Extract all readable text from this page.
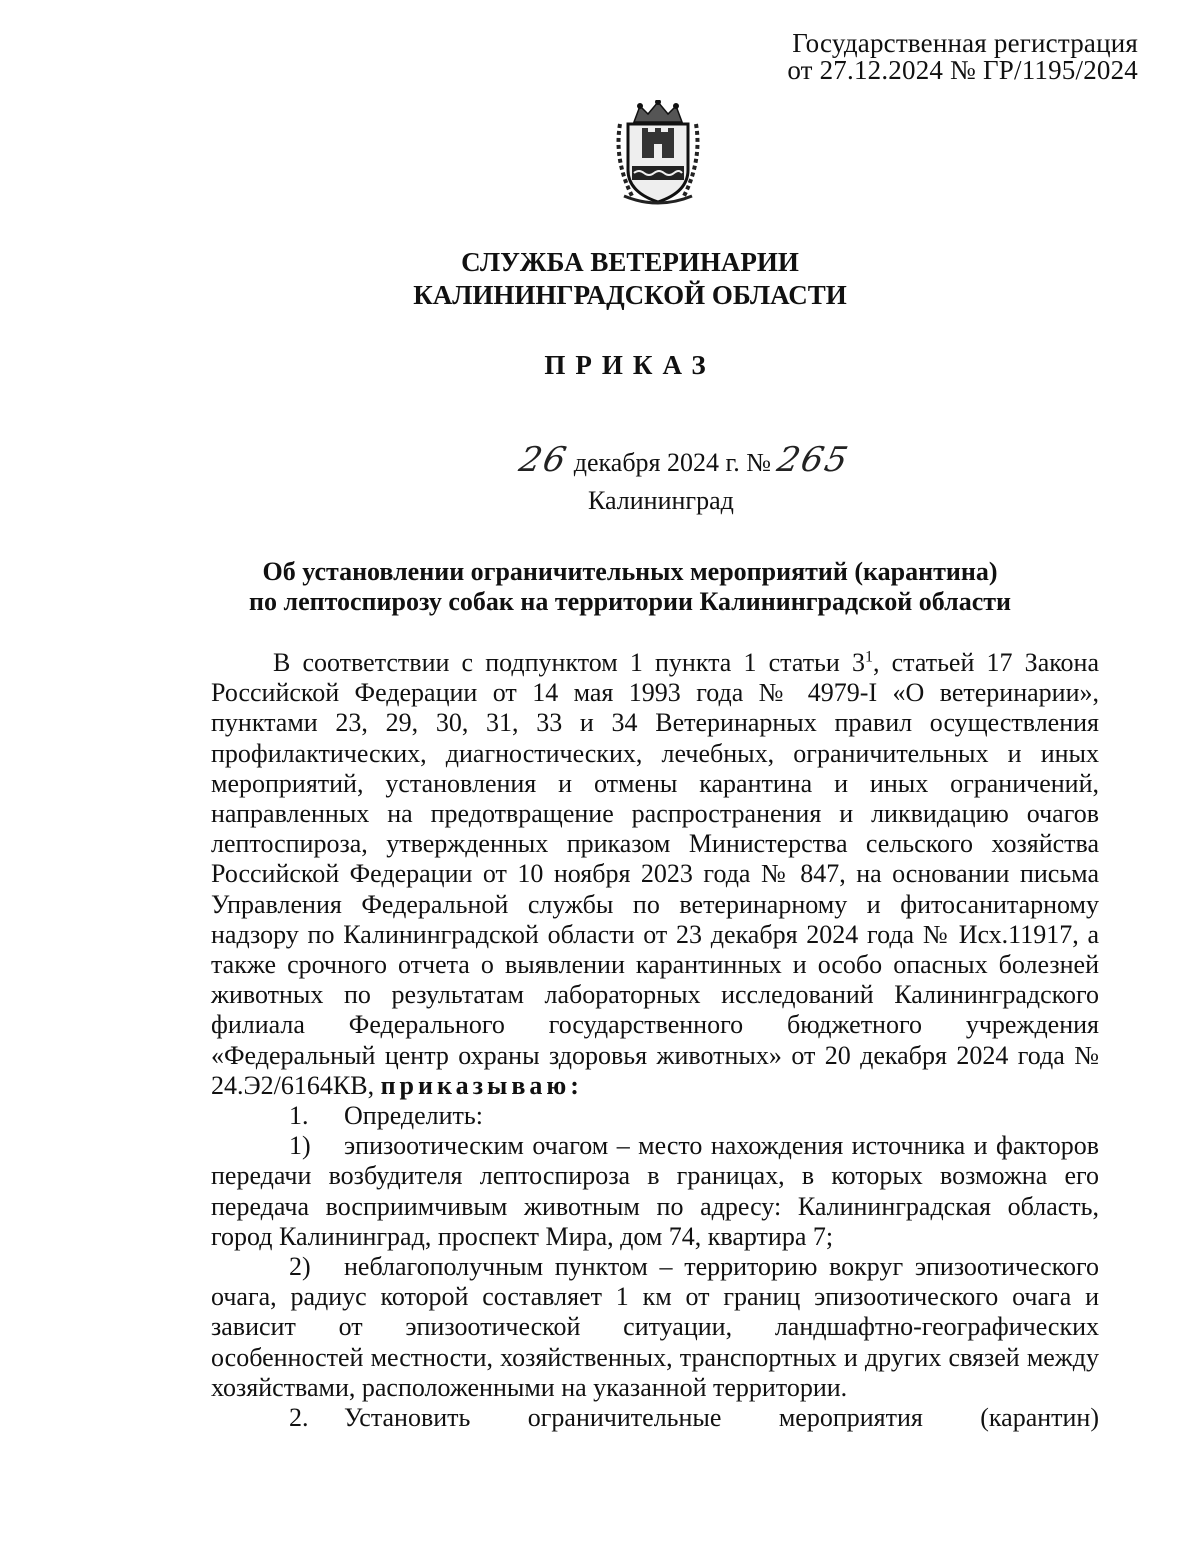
Государственная регистрация
от 27.12.2024 № ГР/1195/2024
СЛУЖБА ВЕТЕРИНАРИИ
КАЛИНИНГРАДСКОЙ ОБЛАСТИ
ПРИКАЗ
26 декабря 2024 г. № 265
Калининград
Об установлении ограничительных мероприятий (карантина)
по лептоспирозу собак на территории Калининградской области

В соответствии с подпунктом 1 пункта 1 статьи $3^1$, статьей 17 Закона Российской Федерации от 14 мая 1993 года № 4979-I «О ветеринарии», пунктами 23, 29, 30, 31, 33 и 34 Ветеринарных правил осуществления профилактических, диагностических, лечебных, ограничительных и иных мероприятий, установления и отмены карантина и иных ограничений, направленных на предотвращение распространения и ликвидацию очагов лептоспироза, утвержденных приказом Министерства сельского хозяйства Российской Федерации от 10 ноября 2023 года № 847, на основании письма Управления Федеральной службы по ветеринарному и фитосанитарному надзору по Калининградской области от 23 декабря 2024 года № Исх.11917, а также срочного отчета о выявлении карантинных и особо опасных болезней животных по результатам лабораторных исследований Калининградского филиала Федерального государственного бюджетного учреждения «Федеральный центр охраны здоровья животных» от 20 декабря 2024 года № 24.Э2/6164КВ, приказываю:

1. Определить:

1) эпизоотическим очагом – место нахождения источника и факторов передачи возбудителя лептоспироза в границах, в которых возможна его передача восприимчивым животным по адресу: Калининградская область, город Калининград, проспект Мира, дом 74, квартира 7;

2) неблагополучным пунктом – территорию вокруг эпизоотического очага, радиус которой составляет 1 км от границ эпизоотического очага и зависит от эпизоотической ситуации, ландшафтно-географических особенностей местности, хозяйственных, транспортных и других связей между хозяйствами, расположенными на указанной территории.

2. Установить ограничительные мероприятия (карантин)
